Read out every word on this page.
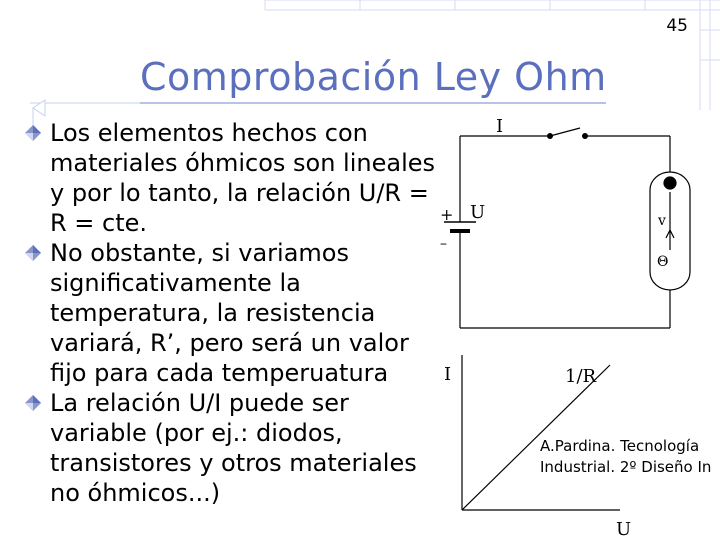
45
Comprobación Ley Ohm
Los elementos hechos con materiales óhmicos son lineales y por lo tanto, la relación U/R = R = cte.
No obstante, si variamos significativamente la temperatura, la resistencia variará, R’, pero será un valor fijo para cada temperuatura
La relación U/I puede ser variable (por ej.: diodos, transistores y otros materiales no óhmicos...)
I
+ U
–
v
Θ
I	1/R
U
A.Pardina. Tecnología
Industrial. 2º Diseño In
